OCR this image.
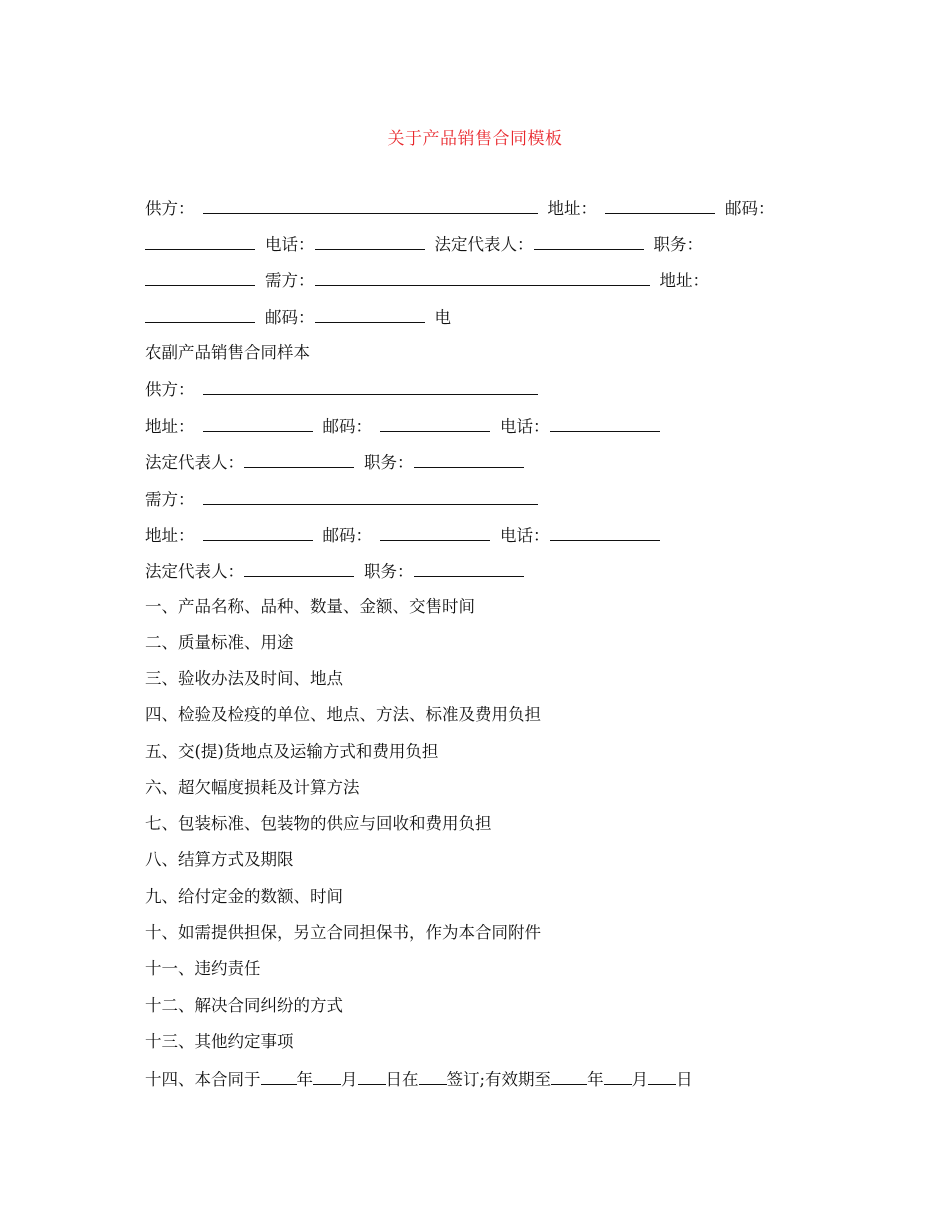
关于产品销售合同模板
供方：	地址：	邮码：
电话：	法定代表人：	职务：
需方：	地址：
邮码：	电
农副产品销售合同样本
供方：
地址：	邮码：	电话：
法定代表人：	职务：
需方：
地址：	邮码：	电话：
法定代表人：	职务：
一、产品名称、品种、数量、金额、交售时间
二、质量标准、用途
三、验收办法及时间、地点
四、检验及检疫的单位、地点、方法、标准及费用负担
五、交(提)货地点及运输方式和费用负担
六、超欠幅度损耗及计算方法
七、包装标准、包装物的供应与回收和费用负担
八、结算方式及期限
九、给付定金的数额、时间
十、如需提供担保，另立合同担保书，作为本合同附件
十一、违约责任
十二、解决合同纠纷的方式
十三、其他约定事项
十四、本合同于 年 月 日在 签订;有效期至 年 月 日
